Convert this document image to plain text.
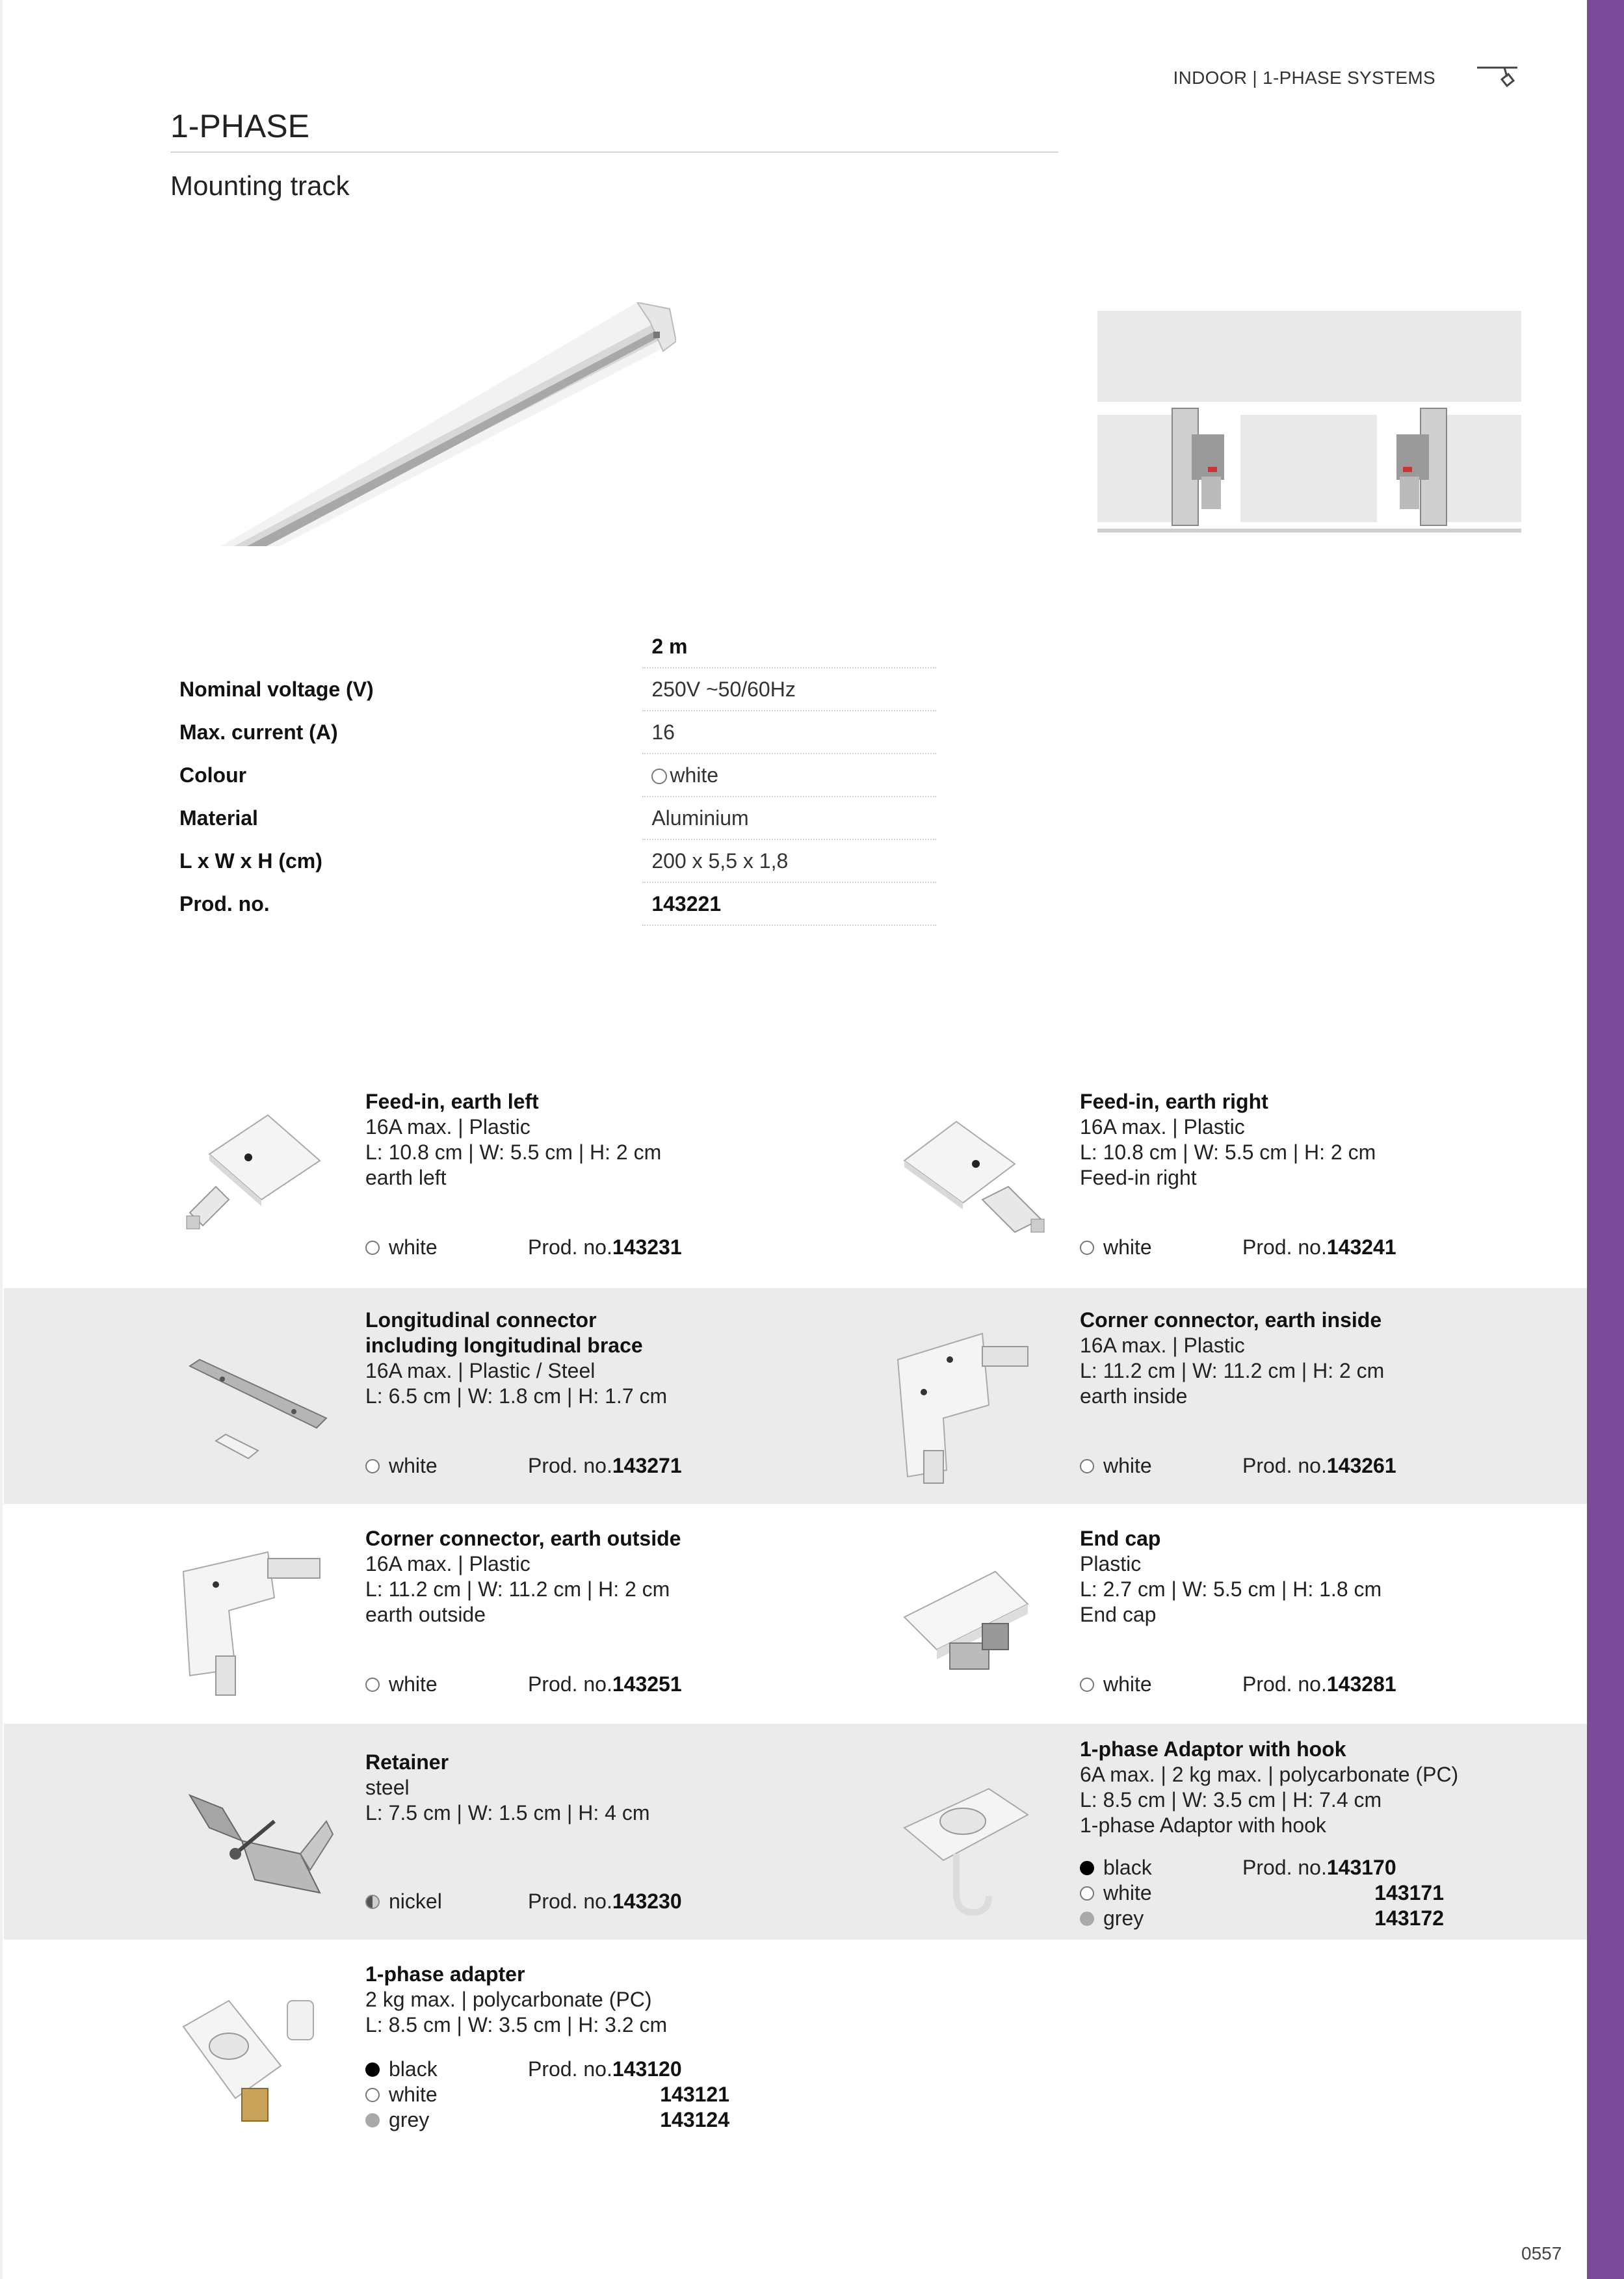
INDOOR | 1-PHASE SYSTEMS
1-PHASE
Mounting track
	2 m
Nominal voltage (V)	250V ~50/60Hz
Max. current (A)	16
Colour	white
Material	Aluminium
L x W x H (cm)	200 x 5,5 x 1,8
Prod. no.	143221
Feed-in, earth left
16A max. | Plastic
L: 10.8 cm | W: 5.5 cm | H: 2 cm
earth left
white	Prod. no.143231
Feed-in, earth right
16A max. | Plastic
L: 10.8 cm | W: 5.5 cm | H: 2 cm
Feed-in right
white	Prod. no.143241
Longitudinal connector
including longitudinal brace
16A max. | Plastic / Steel
L: 6.5 cm | W: 1.8 cm | H: 1.7 cm
white	Prod. no.143271
Corner connector, earth inside
16A max. | Plastic
L: 11.2 cm | W: 11.2 cm | H: 2 cm
earth inside
white	Prod. no.143261
Corner connector, earth outside
16A max. | Plastic
L: 11.2 cm | W: 11.2 cm | H: 2 cm
earth outside
white	Prod. no.143251
End cap
Plastic
L: 2.7 cm | W: 5.5 cm | H: 1.8 cm
End cap
white	Prod. no.143281
Retainer
steel
L: 7.5 cm | W: 1.5 cm | H: 4 cm
nickel	Prod. no.143230
1-phase Adaptor with hook
6A max. | 2 kg max. | polycarbonate (PC)
L: 8.5 cm | W: 3.5 cm | H: 7.4 cm
1-phase Adaptor with hook
black	Prod. no.143170
white	143171
grey	143172
1-phase adapter
2 kg max. | polycarbonate (PC)
L: 8.5 cm | W: 3.5 cm | H: 3.2 cm
black	Prod. no.143120
white	143121
grey	143124
0557
